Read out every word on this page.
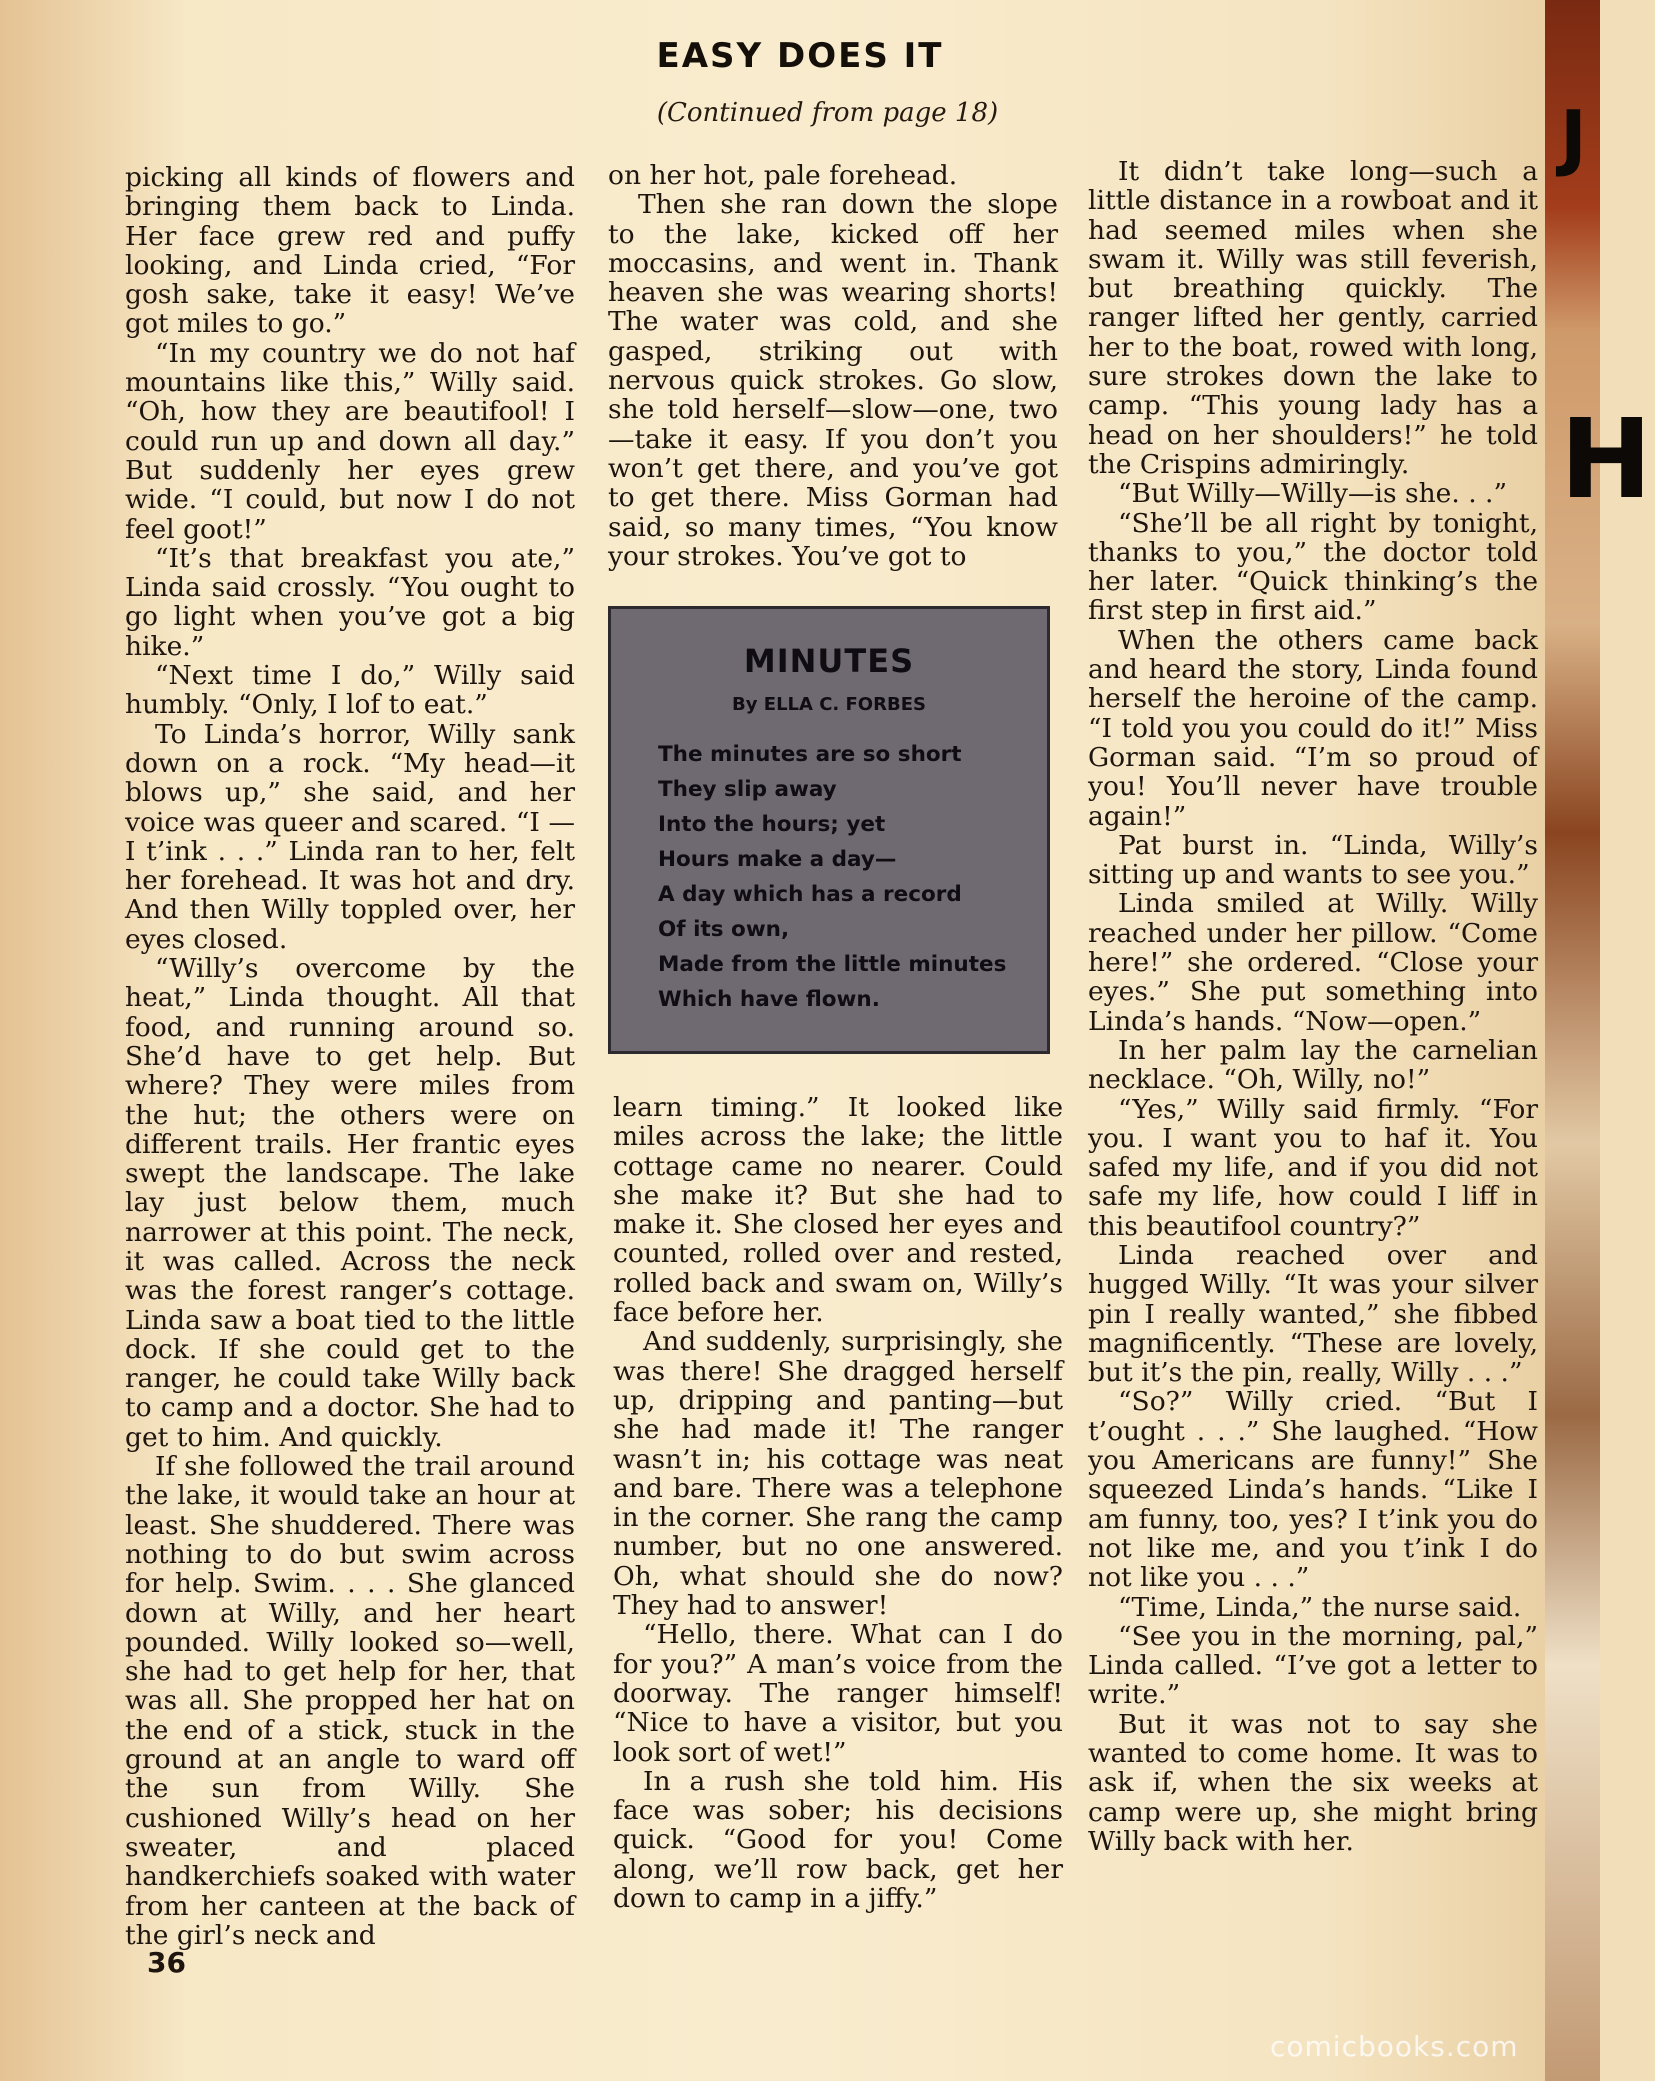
J
H
EASY DOES IT
(Continued from page 18)

picking all kinds of flowers and bringing them back to Linda. Her face grew red and puffy looking, and Linda cried, “For gosh sake, take it easy! We’ve got miles to go.”

“In my country we do not haf mountains like this,” Willy said. “Oh, how they are beautifool! I could run up and down all day.” But suddenly her eyes grew wide. “I could, but now I do not feel goot!”

“It’s that breakfast you ate,” Linda said crossly. “You ought to go light when you’ve got a big hike.”

“Next time I do,” Willy said humbly. “Only, I lof to eat.”

To Linda’s horror, Willy sank down on a rock. “My head—it blows up,” she said, and her voice was queer and scared. “I —I t’ink . . .” Linda ran to her, felt her forehead. It was hot and dry. And then Willy toppled over, her eyes closed.

“Willy’s overcome by the heat,” Linda thought. All that food, and running around so. She’d have to get help. But where? They were miles from the hut; the others were on different trails. Her frantic eyes swept the landscape. The lake lay just below them, much narrower at this point. The neck, it was called. Across the neck was the forest ranger’s cottage. Linda saw a boat tied to the little dock. If she could get to the ranger, he could take Willy back to camp and a doctor. She had to get to him. And quickly.

If she followed the trail around the lake, it would take an hour at least. She shuddered. There was nothing to do but swim across for help. Swim. . . . She glanced down at Willy, and her heart pounded. Willy looked so—well, she had to get help for her, that was all. She propped her hat on the end of a stick, stuck in the ground at an angle to ward off the sun from Willy. She cushioned Willy’s head on her sweater, and placed handkerchiefs soaked with water from her canteen at the back of the girl’s neck and

on her hot, pale forehead.

Then she ran down the slope to the lake, kicked off her moccasins, and went in. Thank heaven she was wearing shorts! The water was cold, and she gasped, striking out with nervous quick strokes. Go slow, she told herself—slow—one, two—take it easy. If you don’t you won’t get there, and you’ve got to get there. Miss Gorman had said, so many times, “You know your strokes. You’ve got to

MINUTES
By ELLA C. FORBES
The minutes are so short
They slip away
Into the hours; yet
Hours make a day—
A day which has a record
Of its own,
Made from the little minutes
Which have flown.

learn timing.” It looked like miles across the lake; the little cottage came no nearer. Could she make it? But she had to make it. She closed her eyes and counted, rolled over and rested, rolled back and swam on, Willy’s face before her.

And suddenly, surprisingly, she was there! She dragged herself up, dripping and panting—but she had made it! The ranger wasn’t in; his cottage was neat and bare. There was a telephone in the corner. She rang the camp number, but no one answered. Oh, what should she do now? They had to answer!

“Hello, there. What can I do for you?” A man’s voice from the doorway. The ranger himself! “Nice to have a visitor, but you look sort of wet!”

In a rush she told him. His face was sober; his decisions quick. “Good for you! Come along, we’ll row back, get her down to camp in a jiffy.”

It didn’t take long—such a little distance in a rowboat and it had seemed miles when she swam it. Willy was still feverish, but breathing quickly. The ranger lifted her gently, carried her to the boat, rowed with long, sure strokes down the lake to camp. “This young lady has a head on her shoulders!” he told the Crispins admiringly.

“But Willy—Willy—is she. . .”

“She’ll be all right by tonight, thanks to you,” the doctor told her later. “Quick thinking’s the first step in first aid.”

When the others came back and heard the story, Linda found herself the heroine of the camp. “I told you you could do it!” Miss Gorman said. “I’m so proud of you! You’ll never have trouble again!”

Pat burst in. “Linda, Willy’s sitting up and wants to see you.”

Linda smiled at Willy. Willy reached under her pillow. “Come here!” she ordered. “Close your eyes.” She put something into Linda’s hands. “Now—open.”

In her palm lay the carnelian necklace. “Oh, Willy, no!”

“Yes,” Willy said firmly. “For you. I want you to haf it. You safed my life, and if you did not safe my life, how could I liff in this beautifool country?”

Linda reached over and hugged Willy. “It was your silver pin I really wanted,” she fibbed magnificently. “These are lovely, but it’s the pin, really, Willy . . .”

“So?” Willy cried. “But I t’ought . . .” She laughed. “How you Americans are funny!” She squeezed Linda’s hands. “Like I am funny, too, yes? I t’ink you do not like me, and you t’ink I do not like you . . .”

“Time, Linda,” the nurse said.

“See you in the morning, pal,” Linda called. “I’ve got a letter to write.”

But it was not to say she wanted to come home. It was to ask if, when the six weeks at camp were up, she might bring Willy back with her.

36
comicbooks.com
